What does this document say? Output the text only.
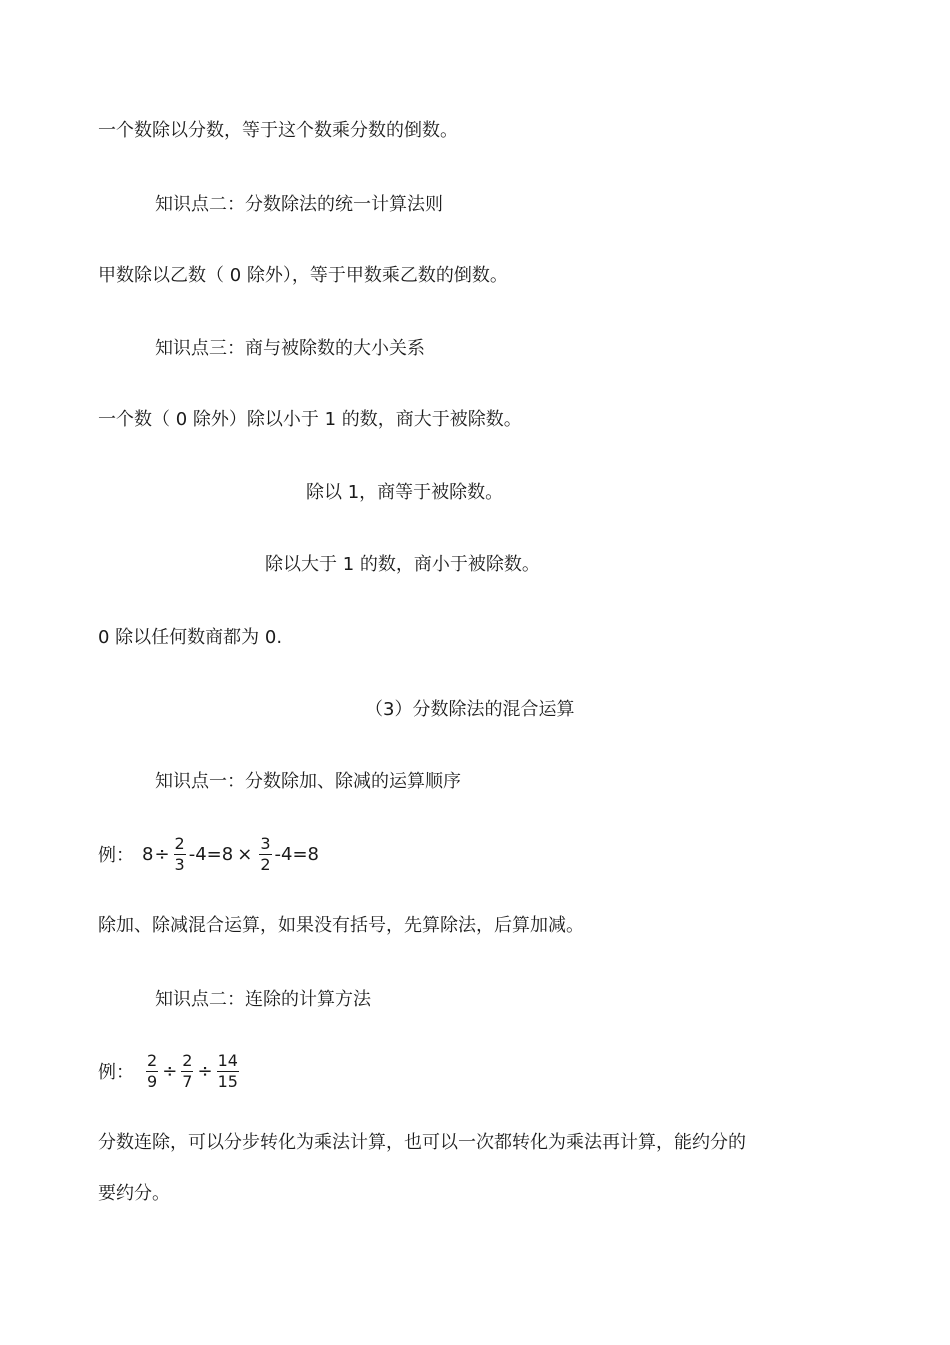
一个数除以分数，等于这个数乘分数的倒数。
知识点二：分数除法的统一计算法则
甲数除以乙数（ 0 除外），等于甲数乘乙数的倒数。
知识点三：商与被除数的大小关系
一个数（ 0 除外）除以小于 1 的数，商大于被除数。
除以 1，商等于被除数。
除以大于 1 的数，商小于被除数。
0 除以任何数商都为 0.
（3）分数除法的混合运算
知识点一：分数除加、除减的运算顺序
例： $8 \div \frac{2}{3} -4=8 \times \frac{3}{2} -4=8$
除加、除减混合运算，如果没有括号，先算除法，后算加减。
知识点二：连除的计算方法
例： $\frac{2}{9} \div \frac{2}{7} \div \frac{14}{15}$
分数连除，可以分步转化为乘法计算，也可以一次都转化为乘法再计算，能约分的
要约分。
